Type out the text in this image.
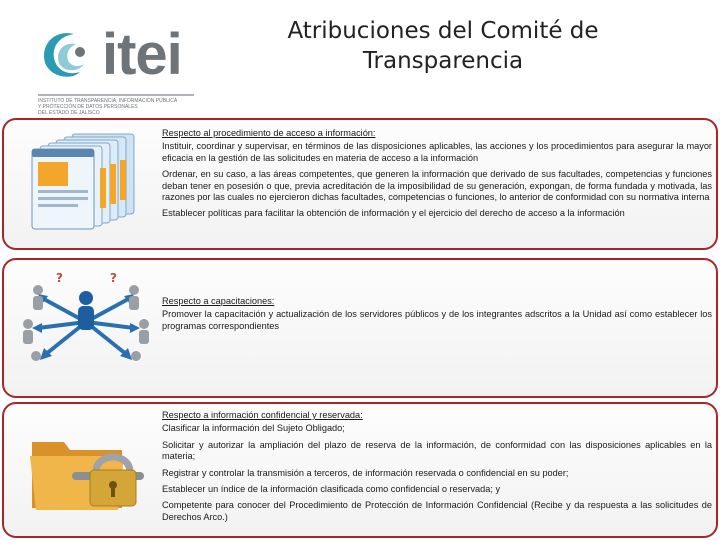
itei
INSTITUTO DE TRANSPARENCIA, INFORMACIÓN PÚBLICA
Y PROTECCIÓN DE DATOS PERSONALES
DEL ESTADO DE JALISCO
Atribuciones del Comité de
Transparencia
Respecto al procedimiento de acceso a información:
Instituir, coordinar y supervisar, en términos de las disposiciones aplicables, las acciones y los procedimientos para asegurar la mayor eficacia en la gestión de las solicitudes en materia de acceso a la información
Ordenar, en su caso, a las áreas competentes, que generen la información que derivado de sus facultades, competencias y funciones deban tener en posesión o que, previa acreditación de la imposibilidad de su generación, expongan, de forma fundada y motivada, las razones por las cuales no ejercieron dichas facultades, competencias o funciones, lo anterior de conformidad con su normativa interna
Establecer políticas para facilitar la obtención de información y el ejercicio del derecho de acceso a la información
?	?
Respecto a capacitaciones:
Promover la capacitación y actualización de los servidores públicos y de los integrantes adscritos a la Unidad así como establecer los programas correspondientes
Respecto a información confidencial y reservada:
Clasificar la información del Sujeto Obligado;
Solicitar y autorizar la ampliación del plazo de reserva de la información, de conformidad con las disposiciones aplicables en la materia;
Registrar y controlar la transmisión a terceros, de información reservada o confidencial en su poder;
Establecer un índice de la información clasificada como confidencial o reservada; y
Competente para conocer del Procedimiento de Protección de Información Confidencial (Recibe y da respuesta a las solicitudes de Derechos Arco.)
